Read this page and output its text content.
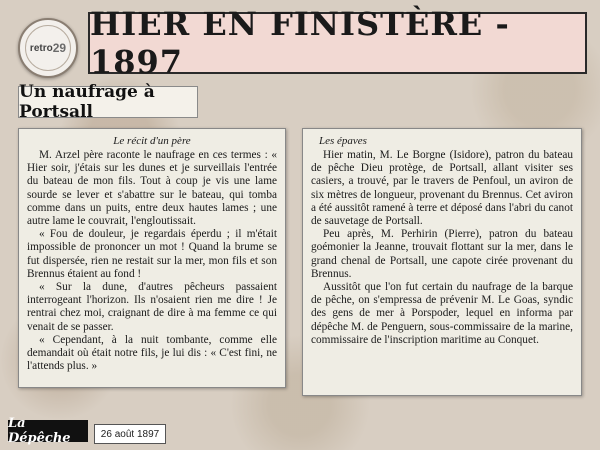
retro 29
HIER EN FINISTÈRE - 1897
Un naufrage à Portsall
Le récit d'un père

M. Arzel père raconte le naufrage en ces termes : « Hier soir, j'étais sur les dunes et je surveillais l'entrée du bateau de mon fils. Tout à coup je vis une lame sourde se lever et s'abattre sur le bateau, qui tomba comme dans un puits, entre deux hautes lames ; une autre lame le couvrait, l'engloutissait.

« Fou de douleur, je regardais éperdu ; il m'était impossible de prononcer un mot ! Quand la brume se fut dispersée, rien ne restait sur la mer, mon fils et son Brennus étaient au fond !

« Sur la dune, d'autres pêcheurs passaient interrogeant l'horizon. Ils n'osaient rien me dire ! Je rentrai chez moi, craignant de dire à ma femme ce qui venait de se passer.

« Cependant, à la nuit tombante, comme elle demandait où était notre fils, je lui dis : « C'est fini, ne l'attends plus. »

Les épaves

Hier matin, M. Le Borgne (Isidore), patron du bateau de pêche Dieu protège, de Portsall, allant visiter ses casiers, a trouvé, par le travers de Penfoul, un aviron de six mètres de longueur, provenant du Brennus. Cet aviron a été aussitôt ramené à terre et déposé dans l'abri du canot de sauvetage de Portsall.

Peu après, M. Perhirin (Pierre), patron du bateau goémonier la Jeanne, trouvait flottant sur la mer, dans le grand chenal de Portsall, une capote cirée provenant du Brennus.

Aussitôt que l'on fut certain du naufrage de la barque de pêche, on s'empressa de prévenir M. Le Goas, syndic des gens de mer à Porspoder, lequel en informa par dépêche M. de Penguern, sous-commissaire de la marine, commissaire de l'inscription maritime au Conquet.

La Dépêche	26 août 1897
